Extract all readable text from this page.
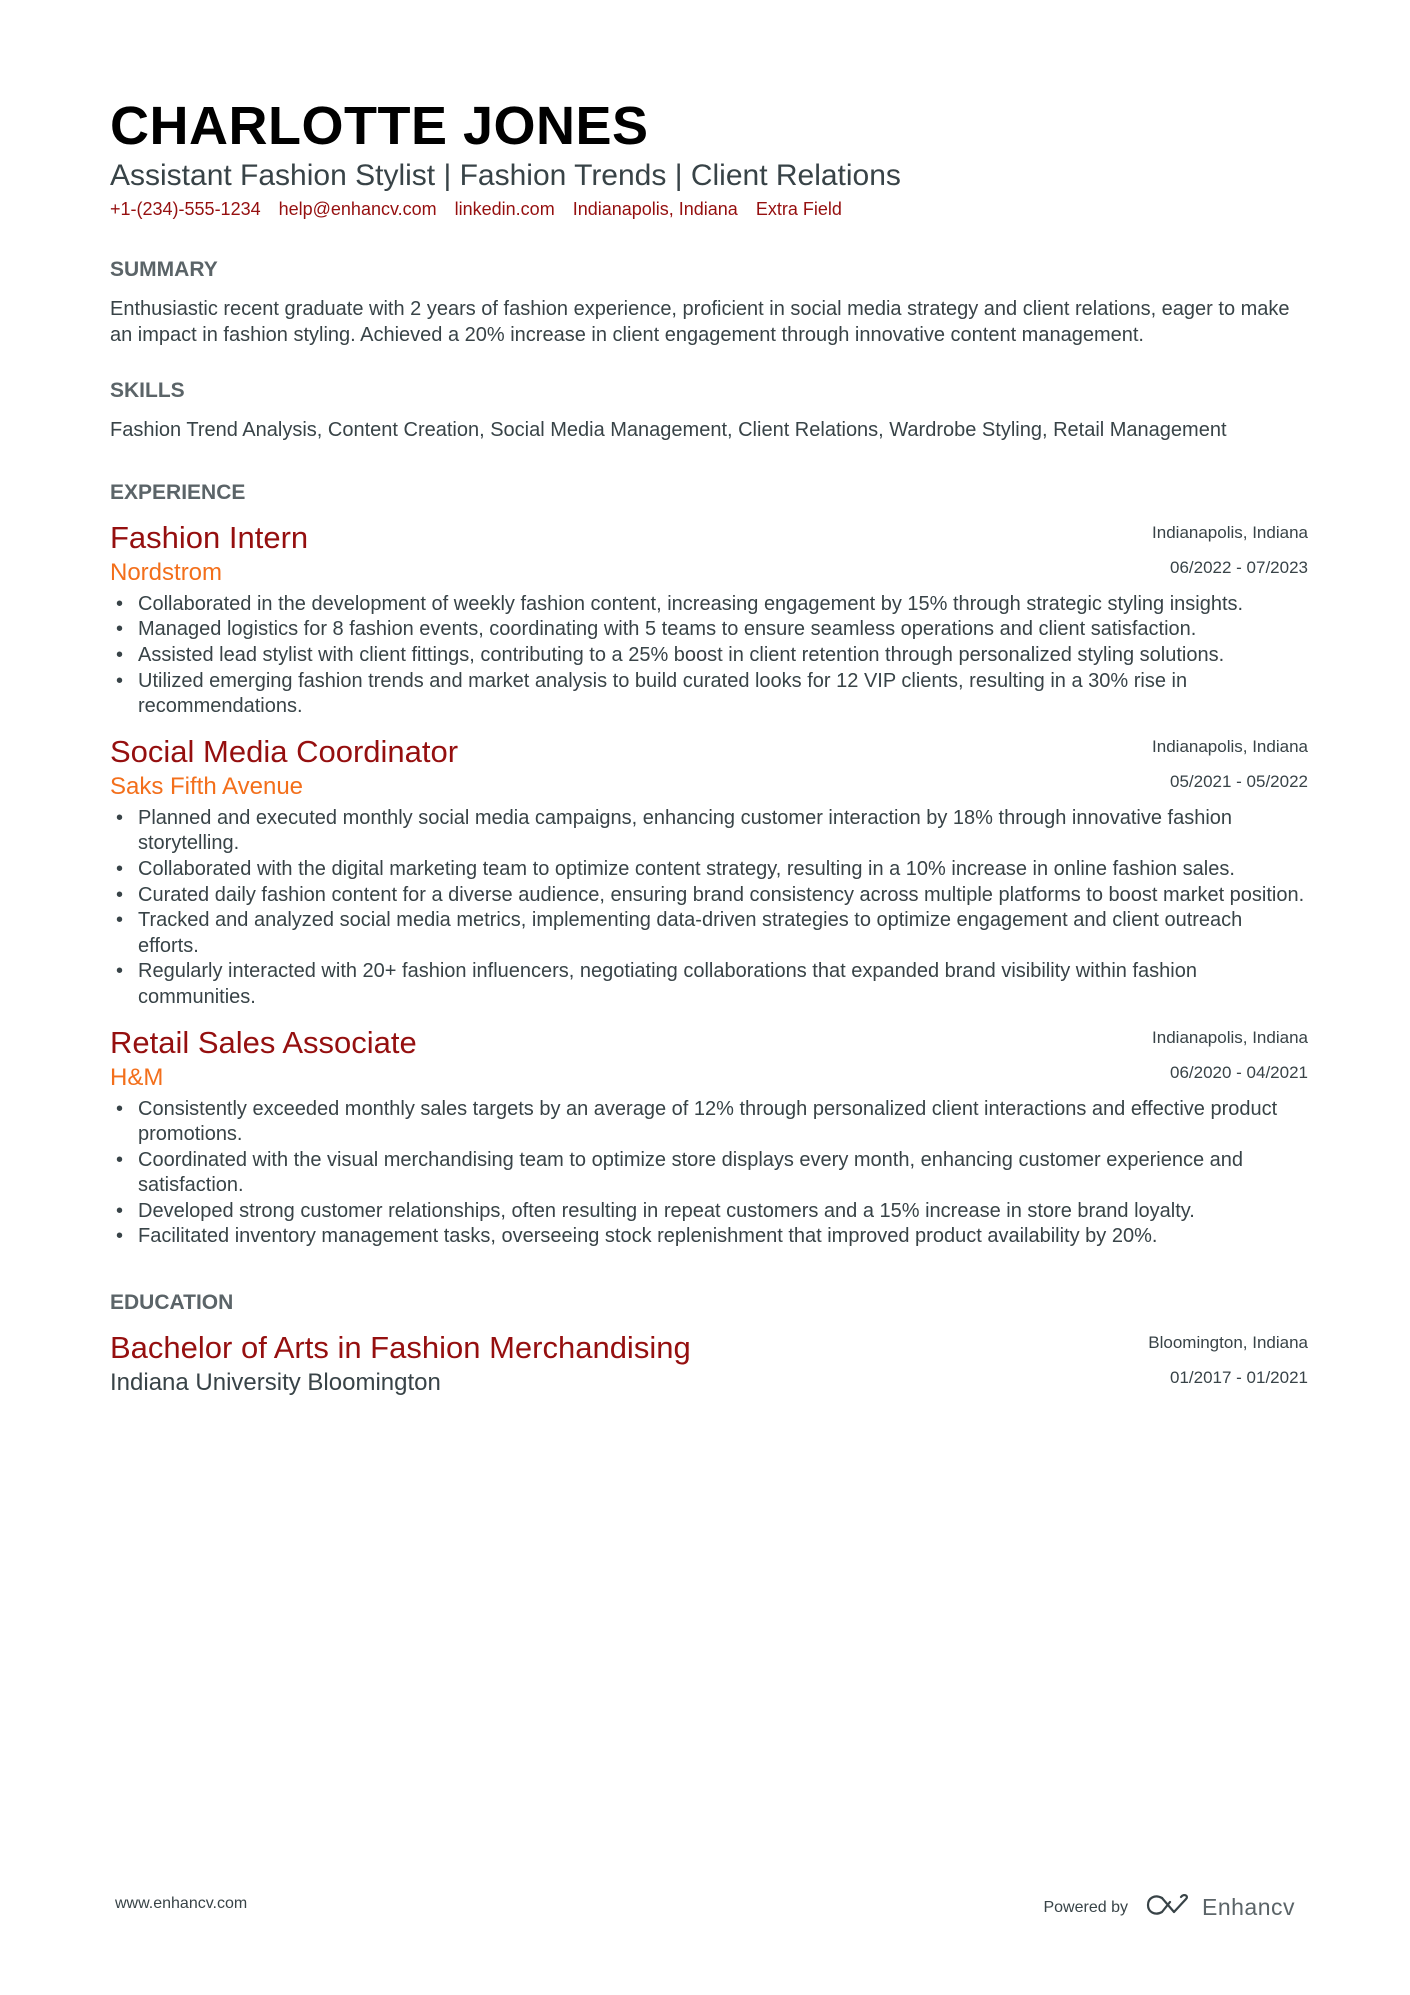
CHARLOTTE JONES
Assistant Fashion Stylist | Fashion Trends | Client Relations
+1-(234)-555-1234 help@enhancv.com linkedin.com Indianapolis, Indiana Extra Field
SUMMARY
Enthusiastic recent graduate with 2 years of fashion experience, proficient in social media strategy and client relations, eager to make an impact in fashion styling. Achieved a 20% increase in client engagement through innovative content management.
SKILLS
Fashion Trend Analysis, Content Creation, Social Media Management, Client Relations, Wardrobe Styling, Retail Management
EXPERIENCE
Fashion Intern
Nordstrom
Indianapolis, Indiana
06/2022 - 07/2023
• Collaborated in the development of weekly fashion content, increasing engagement by 15% through strategic styling insights.
• Managed logistics for 8 fashion events, coordinating with 5 teams to ensure seamless operations and client satisfaction.
• Assisted lead stylist with client fittings, contributing to a 25% boost in client retention through personalized styling solutions.
• Utilized emerging fashion trends and market analysis to build curated looks for 12 VIP clients, resulting in a 30% rise in recommendations.
Social Media Coordinator
Saks Fifth Avenue
Indianapolis, Indiana
05/2021 - 05/2022
• Planned and executed monthly social media campaigns, enhancing customer interaction by 18% through innovative fashion storytelling.
• Collaborated with the digital marketing team to optimize content strategy, resulting in a 10% increase in online fashion sales.
• Curated daily fashion content for a diverse audience, ensuring brand consistency across multiple platforms to boost market position.
• Tracked and analyzed social media metrics, implementing data-driven strategies to optimize engagement and client outreach efforts.
• Regularly interacted with 20+ fashion influencers, negotiating collaborations that expanded brand visibility within fashion communities.
Retail Sales Associate
H&M
Indianapolis, Indiana
06/2020 - 04/2021
• Consistently exceeded monthly sales targets by an average of 12% through personalized client interactions and effective product promotions.
• Coordinated with the visual merchandising team to optimize store displays every month, enhancing customer experience and satisfaction.
• Developed strong customer relationships, often resulting in repeat customers and a 15% increase in store brand loyalty.
• Facilitated inventory management tasks, overseeing stock replenishment that improved product availability by 20%.
EDUCATION
Bachelor of Arts in Fashion Merchandising
Indiana University Bloomington
Bloomington, Indiana
01/2017 - 01/2021
www.enhancv.com	Powered by	Enhancv
